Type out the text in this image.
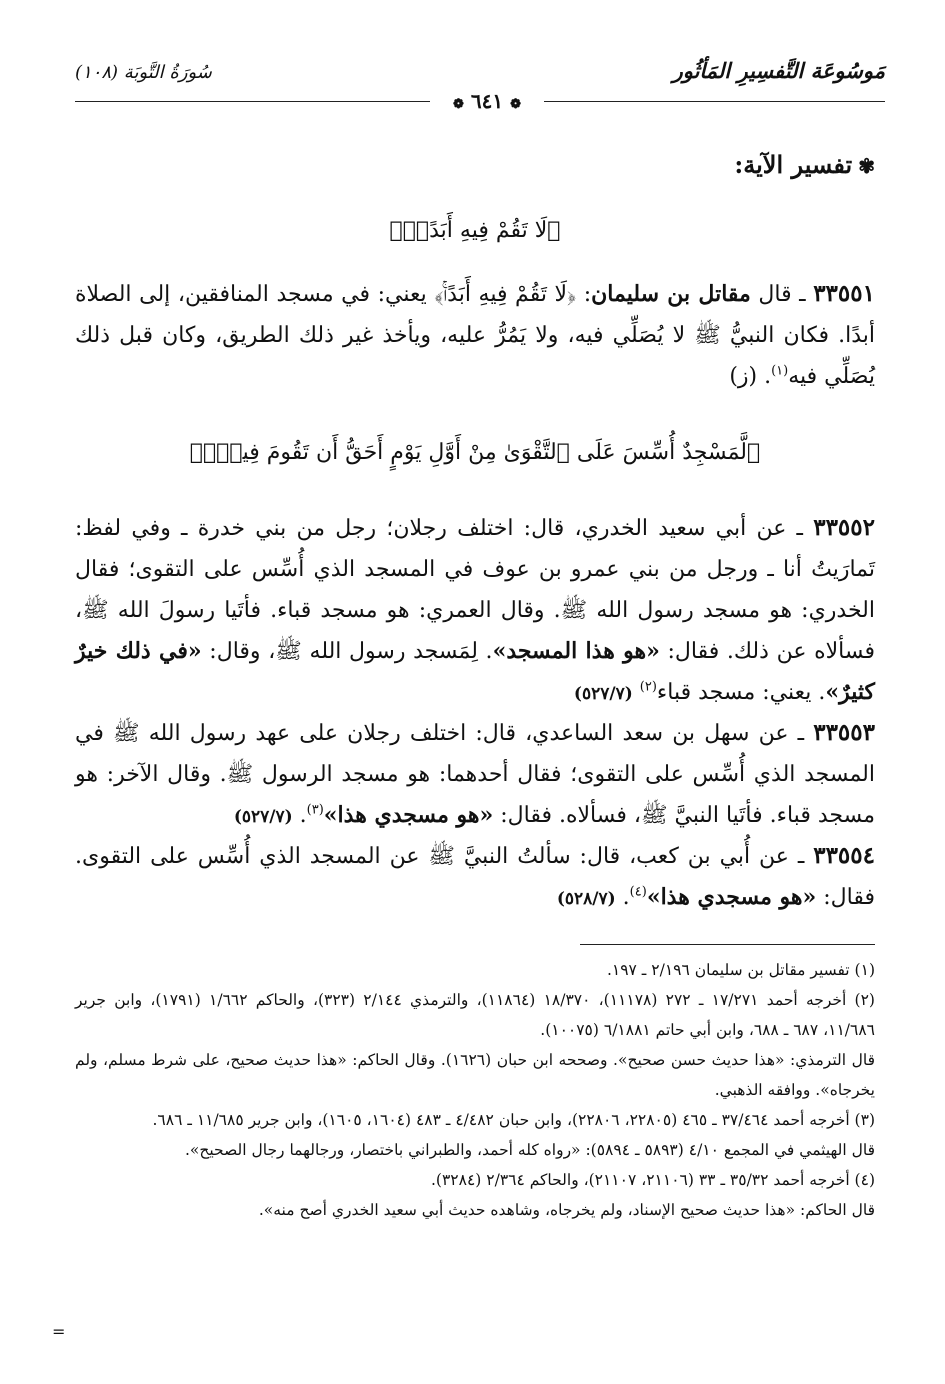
مَوسُوعَة التَّفسِيرِ المَأثُور
سُورَةُ التَّوبَة (١٠٨)
❁ ٦٤١ ❁
✾تفسير الآية:
﴿لَا تَقُمْ فِيهِ أَبَدًاۚ﴾
٣٣٥٥١ ـ قال مقاتل بن سليمان: ﴿لَا تَقُمْ فِيهِ أَبَدًاۚ﴾ يعني: في مسجد المنافقين، إلى الصلاة أبدًا. فكان النبيُّ ﷺ لا يُصَلِّي فيه، ولا يَمُرُّ عليه، ويأخذ غير ذلك الطريق، وكان قبل ذلك يُصَلِّي فيه$^{(١)}$. (ز)
﴿لَّمَسْجِدٌ أُسِّسَ عَلَى ٱلتَّقْوَىٰ مِنْ أَوَّلِ يَوْمٍ أَحَقُّ أَن تَقُومَ فِيهِۚ﴾
٣٣٥٥٢ ـ عن أبي سعيد الخدري، قال: اختلف رجلان؛ رجل من بني خدرة ـ وفي لفظ: تَمارَيتُ أنا ـ ورجل من بني عمرو بن عوف في المسجد الذي أُسِّس على التقوى؛ فقال الخدري: هو مسجد رسول الله ﷺ. وقال العمري: هو مسجد قباء. فأتَيا رسولَ الله ﷺ، فسألاه عن ذلك. فقال: «هو هذا المسجد». لِمَسجد رسول الله ﷺ، وقال: «في ذلك خيرٌ كثيرٌ». يعني: مسجد قباء$^{(٢)}$ (٥٢٧/٧)
٣٣٥٥٣ ـ عن سهل بن سعد الساعدي، قال: اختلف رجلان على عهد رسول الله ﷺ في المسجد الذي أُسِّس على التقوى؛ فقال أحدهما: هو مسجد الرسول ﷺ. وقال الآخر: هو مسجد قباء. فأتَيا النبيَّ ﷺ، فسألاه. فقال: «هو مسجدي هذا»$^{(٣)}$. (٥٢٧/٧)
٣٣٥٥٤ ـ عن أُبي بن كعب، قال: سألتُ النبيَّ ﷺ عن المسجد الذي أُسِّس على التقوى. فقال: «هو مسجدي هذا»$^{(٤)}$. (٥٢٨/٧)

(١) تفسير مقاتل بن سليمان ٢/١٩٦ ـ ١٩٧.

(٢) أخرجه أحمد ١٧/٢٧١ ـ ٢٧٢ (١١١٧٨)، ١٨/٣٧٠ (١١٨٦٤)، والترمذي ٢/١٤٤ (٣٢٣)، والحاكم ١/٦٦٢ (١٧٩١)، وابن جرير ١١/٦٨٦، ٦٨٧ ـ ٦٨٨، وابن أبي حاتم ٦/١٨٨١ (١٠٠٧٥).

قال الترمذي: «هذا حديث حسن صحيح». وصححه ابن حبان (١٦٢٦). وقال الحاكم: «هذا حديث صحيح، على شرط مسلم، ولم يخرجاه». ووافقه الذهبي.

(٣) أخرجه أحمد ٣٧/٤٦٤ ـ ٤٦٥ (٢٢٨٠٥، ٢٢٨٠٦)، وابن حبان ٤/٤٨٢ ـ ٤٨٣ (١٦٠٤، ١٦٠٥)، وابن جرير ١١/٦٨٥ ـ ٦٨٦.

قال الهيثمي في المجمع ٤/١٠ (٥٨٩٣ ـ ٥٨٩٤): «رواه كله أحمد، والطبراني باختصار، ورجالهما رجال الصحيح».

(٤) أخرجه أحمد ٣٥/٣٢ ـ ٣٣ (٢١١٠٦، ٢١١٠٧)، والحاكم ٢/٣٦٤ (٣٢٨٤).

قال الحاكم: «هذا حديث صحيح الإسناد، ولم يخرجاه، وشاهده حديث أبي سعيد الخدري أصح منه».

=
